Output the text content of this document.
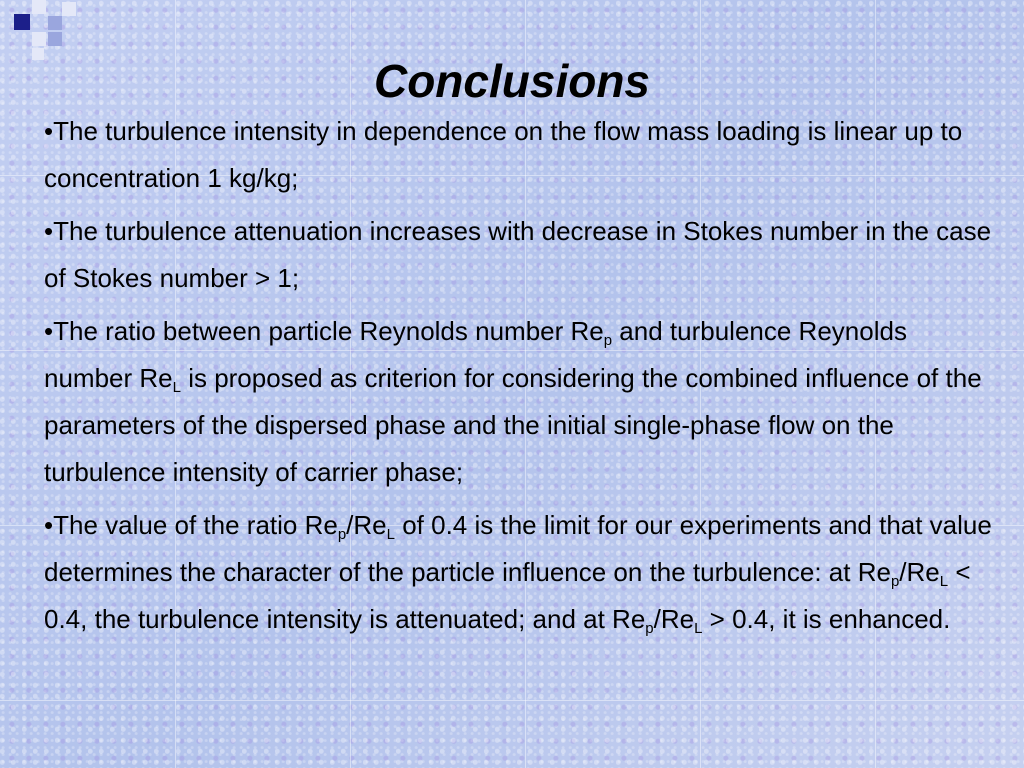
Conclusions

•The turbulence intensity in dependence on the flow mass loading is linear up to concentration 1 kg/kg;

•The turbulence attenuation increases with decrease in Stokes number in the case of Stokes number > 1;

•The ratio between particle Reynolds number $Re_p$ and turbulence Reynolds number $Re_L$ is proposed as criterion for considering the combined influence of the parameters of the dispersed phase and the initial single-phase flow on the turbulence intensity of carrier phase;

•The value of the ratio $Re_p/Re_L$ of 0.4 is the limit for our experiments and that value determines the character of the particle influence on the turbulence: at $Re_p/Re_L < 0.4$, the turbulence intensity is attenuated; and at $Re_p/Re_L > 0.4$, it is enhanced.
